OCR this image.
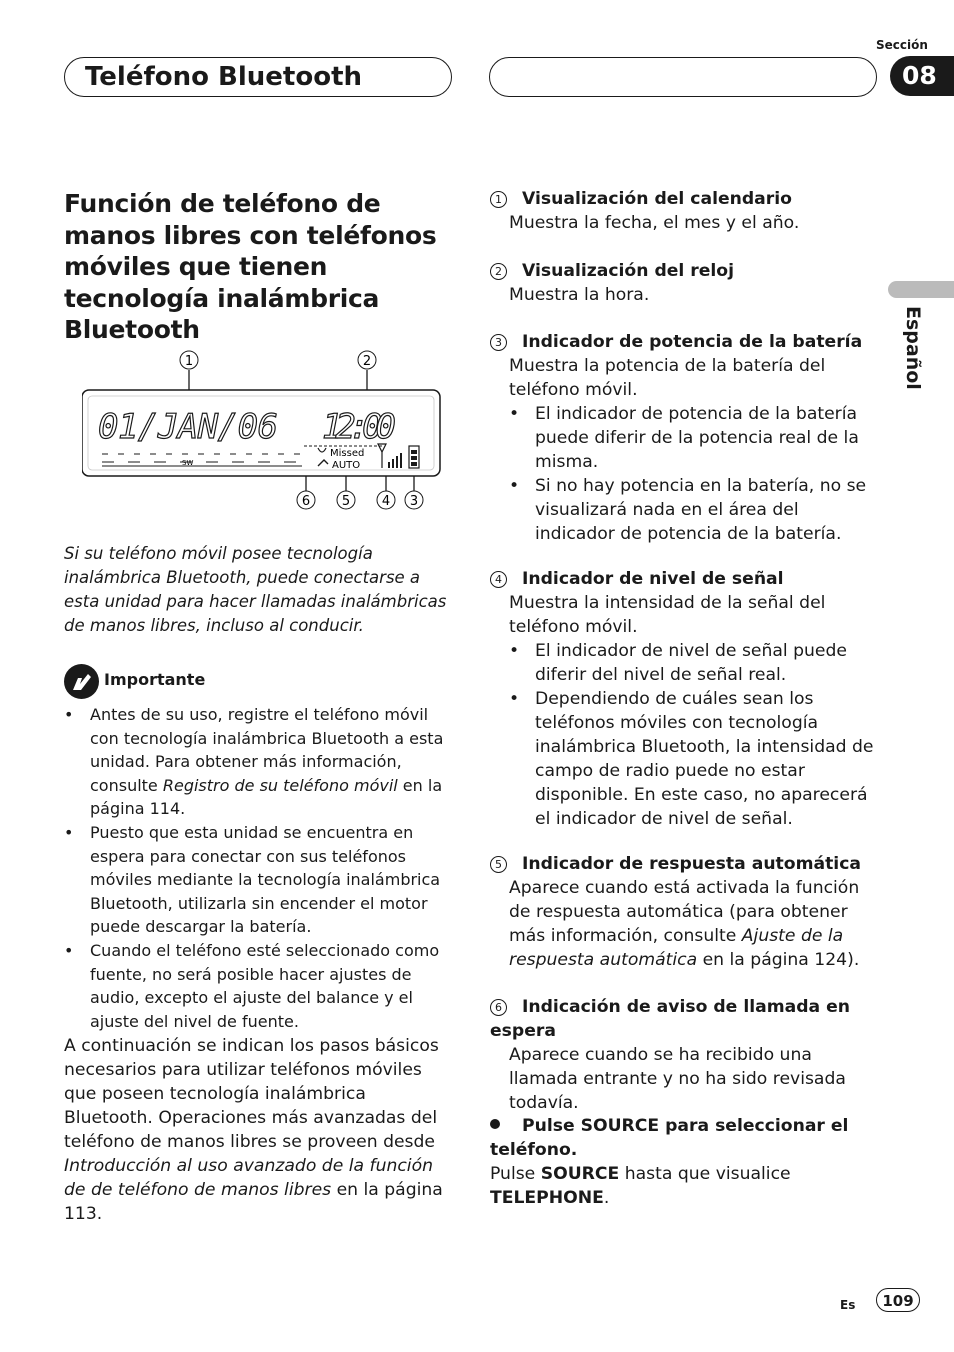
Teléfono Bluetooth
Sección
08
Español
Función de teléfono de manos libres con teléfonos móviles que tienen tecnología inalámbrica Bluetooth
1	2
01/JAN/06 12:00
SW
Missed
AUTO
6 5 4 3
Si su teléfono móvil posee tecnología inalámbrica Bluetooth, puede conectarse a esta unidad para hacer llamadas inalámbricas de manos libres, incluso al conducir.
Importante
• Antes de su uso, registre el teléfono móvil con tecnología inalámbrica Bluetooth a esta unidad. Para obtener más información, consulte Registro de su teléfono móvil en la página 114.
• Puesto que esta unidad se encuentra en espera para conectar con sus teléfonos móviles mediante la tecnología inalámbrica Bluetooth, utilizarla sin encender el motor puede descargar la batería.
• Cuando el teléfono esté seleccionado como fuente, no será posible hacer ajustes de audio, excepto el ajuste del balance y el ajuste del nivel de fuente.
A continuación se indican los pasos básicos necesarios para utilizar teléfonos móviles que poseen tecnología inalámbrica Bluetooth. Operaciones más avanzadas del teléfono de manos libres se proveen desde Introducción al uso avanzado de la función de de teléfono de manos libres en la página 113.
1 Visualización del calendario
Muestra la fecha, el mes y el año.
2 Visualización del reloj
Muestra la hora.
3 Indicador de potencia de la batería
Muestra la potencia de la batería del teléfono móvil.
• El indicador de potencia de la batería puede diferir de la potencia real de la misma.
• Si no hay potencia en la batería, no se visualizará nada en el área del indicador de potencia de la batería.
4 Indicador de nivel de señal
Muestra la intensidad de la señal del teléfono móvil.
• El indicador de nivel de señal puede diferir del nivel de señal real.
• Dependiendo de cuáles sean los teléfonos móviles con tecnología inalámbrica Bluetooth, la intensidad de campo de radio puede no estar disponible. En este caso, no aparecerá el indicador de nivel de señal.
5 Indicador de respuesta automática
Aparece cuando está activada la función de respuesta automática (para obtener más información, consulte Ajuste de la respuesta automática en la página 124).
6 Indicación de aviso de llamada en espera
Aparece cuando se ha recibido una llamada entrante y no ha sido revisada todavía.
Pulse SOURCE para seleccionar el teléfono.
Pulse SOURCE hasta que visualice
TELEPHONE.
Es	109
